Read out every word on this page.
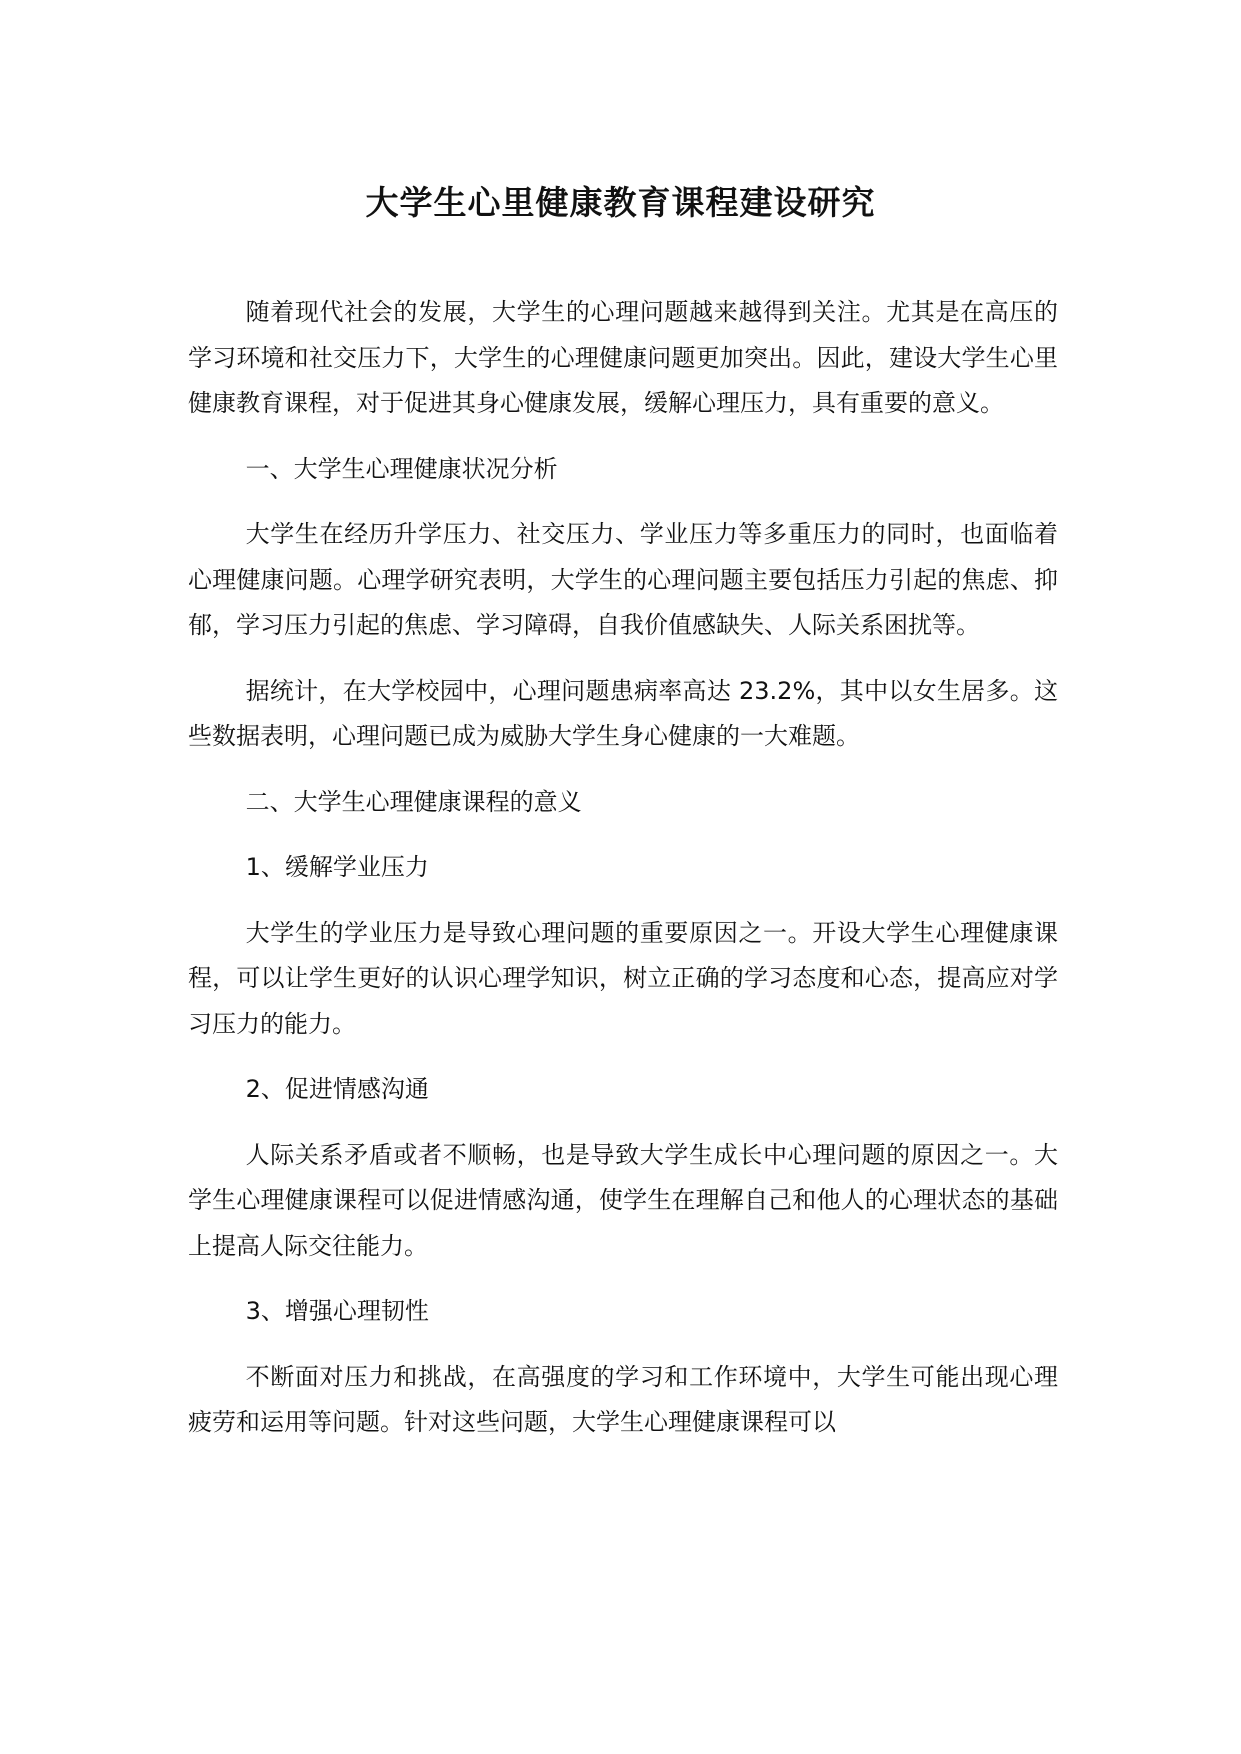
大学生心里健康教育课程建设研究

随着现代社会的发展，大学生的心理问题越来越得到关注。尤其是在高压的学习环境和社交压力下，大学生的心理健康问题更加突出。因此，建设大学生心里健康教育课程，对于促进其身心健康发展，缓解心理压力，具有重要的意义。

一、大学生心理健康状况分析

大学生在经历升学压力、社交压力、学业压力等多重压力的同时，也面临着心理健康问题。心理学研究表明，大学生的心理问题主要包括压力引起的焦虑、抑郁，学习压力引起的焦虑、学习障碍，自我价值感缺失、人际关系困扰等。

据统计，在大学校园中，心理问题患病率高达 23.2%，其中以女生居多。这些数据表明，心理问题已成为威胁大学生身心健康的一大难题。

二、大学生心理健康课程的意义

1、缓解学业压力

大学生的学业压力是导致心理问题的重要原因之一。开设大学生心理健康课程，可以让学生更好的认识心理学知识，树立正确的学习态度和心态，提高应对学习压力的能力。

2、促进情感沟通

人际关系矛盾或者不顺畅，也是导致大学生成长中心理问题的原因之一。大学生心理健康课程可以促进情感沟通，使学生在理解自己和他人的心理状态的基础上提高人际交往能力。

3、增强心理韧性

不断面对压力和挑战，在高强度的学习和工作环境中，大学生可能出现心理疲劳和运用等问题。针对这些问题，大学生心理健康课程可以
